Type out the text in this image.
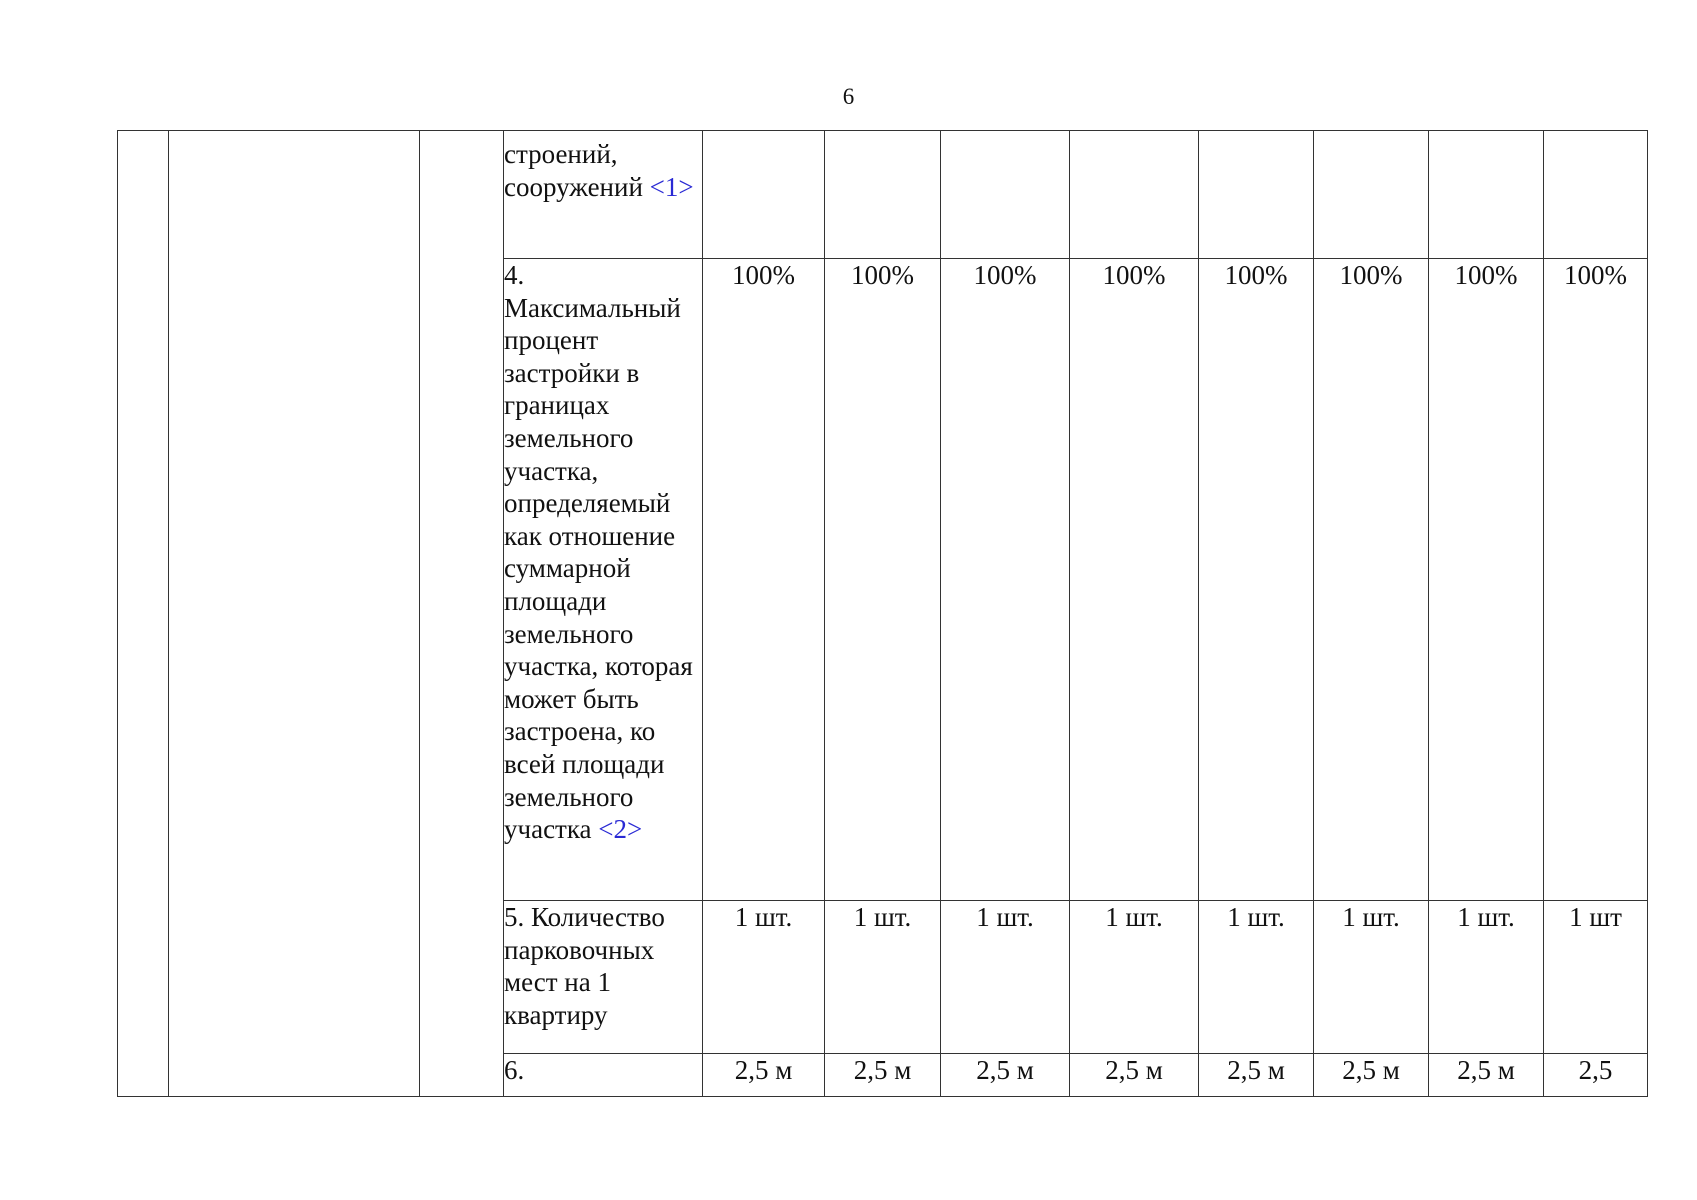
6
			строений, сооружений <1>								
			4. Максимальный процент застройки в границах земельного участка, определяемый как отношение суммарной площади земельного участка, которая может быть застроена, ко всей площади земельного участка <2>	100%	100%	100%	100%	100%	100%	100%	100%
			5. Количество парковочных мест на 1 квартиру	1 шт.	1 шт.	1 шт.	1 шт.	1 шт.	1 шт.	1 шт.	1 шт
			6.	2,5 м	2,5 м	2,5 м	2,5 м	2,5 м	2,5 м	2,5 м	2,5
